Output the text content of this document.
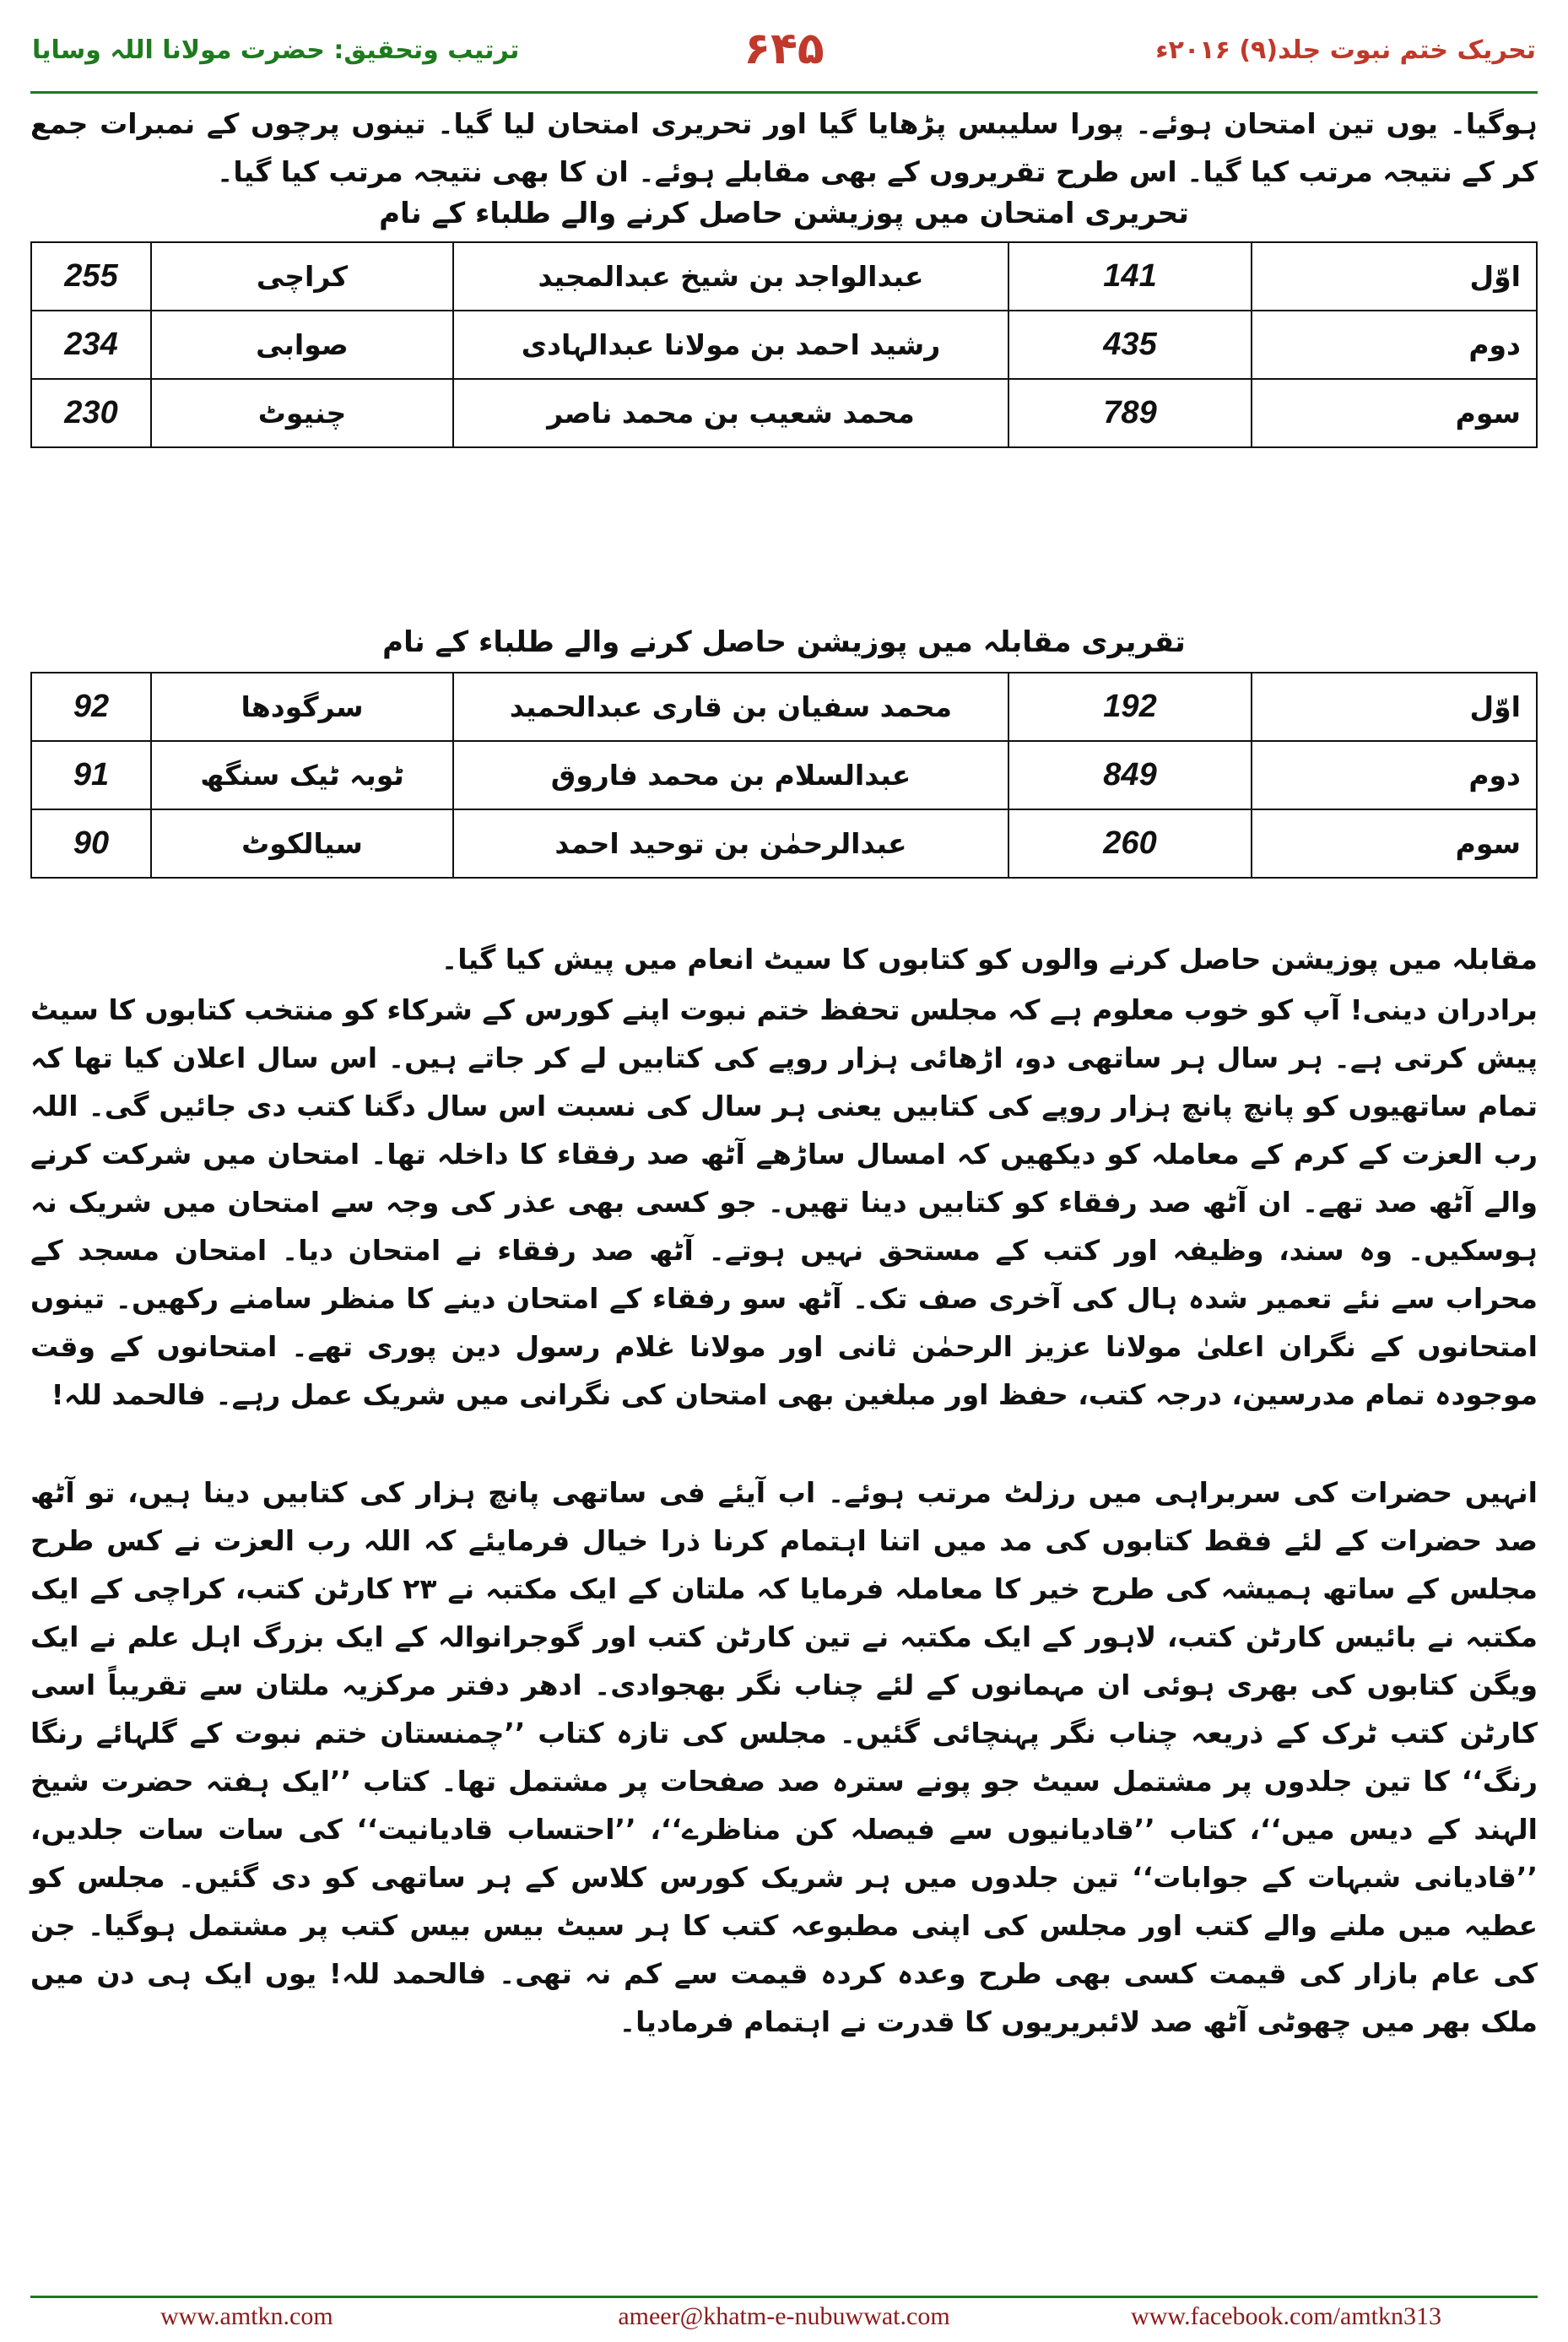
ترتیب وتحقیق: حضرت مولانا اللہ وسایا	۶۴۵	تحریک ختم نبوت جلد(۹) ۲۰۱۶ء
ہوگیا۔ یوں تین امتحان ہوئے۔ پورا سلیبس پڑھایا گیا اور تحریری امتحان لیا گیا۔ تینوں پرچوں کے نمبرات جمع کر کے نتیجہ مرتب کیا گیا۔ اس طرح تقریروں کے بھی مقابلے ہوئے۔ ان کا بھی نتیجہ مرتب کیا گیا۔
تحریری امتحان میں پوزیشن حاصل کرنے والے طلباء کے نام
اوّل	141	عبدالواجد بن شیخ عبدالمجید	کراچی	255
دوم	435	رشید احمد بن مولانا عبدالہادی	صوابی	234
سوم	789	محمد شعیب بن محمد ناصر	چنیوٹ	230
تقریری مقابلہ میں پوزیشن حاصل کرنے والے طلباء کے نام
اوّل	192	محمد سفیان بن قاری عبدالحمید	سرگودھا	92
دوم	849	عبدالسلام بن محمد فاروق	ٹوبہ ٹیک سنگھ	91
سوم	260	عبدالرحمٰن بن توحید احمد	سیالکوٹ	90
مقابلہ میں پوزیشن حاصل کرنے والوں کو کتابوں کا سیٹ انعام میں پیش کیا گیا۔
برادران دینی! آپ کو خوب معلوم ہے کہ مجلس تحفظ ختم نبوت اپنے کورس کے شرکاء کو منتخب کتابوں کا سیٹ پیش کرتی ہے۔ ہر سال ہر ساتھی دو، اڑھائی ہزار روپے کی کتابیں لے کر جاتے ہیں۔ اس سال اعلان کیا تھا کہ تمام ساتھیوں کو پانچ پانچ ہزار روپے کی کتابیں یعنی ہر سال کی نسبت اس سال دگنا کتب دی جائیں گی۔ اللہ رب العزت کے کرم کے معاملہ کو دیکھیں کہ امسال ساڑھے آٹھ صد رفقاء کا داخلہ تھا۔ امتحان میں شرکت کرنے والے آٹھ صد تھے۔ ان آٹھ صد رفقاء کو کتابیں دینا تھیں۔ جو کسی بھی عذر کی وجہ سے امتحان میں شریک نہ ہوسکیں۔ وہ سند، وظیفہ اور کتب کے مستحق نہیں ہوتے۔ آٹھ صد رفقاء نے امتحان دیا۔ امتحان مسجد کے محراب سے نئے تعمیر شدہ ہال کی آخری صف تک۔ آٹھ سو رفقاء کے امتحان دینے کا منظر سامنے رکھیں۔ تینوں امتحانوں کے نگران اعلیٰ مولانا عزیز الرحمٰن ثانی اور مولانا غلام رسول دین پوری تھے۔ امتحانوں کے وقت موجودہ تمام مدرسین، درجہ کتب، حفظ اور مبلغین بھی امتحان کی نگرانی میں شریک عمل رہے۔ فالحمد للہ!
انہیں حضرات کی سربراہی میں رزلٹ مرتب ہوئے۔ اب آیئے فی ساتھی پانچ ہزار کی کتابیں دینا ہیں، تو آٹھ صد حضرات کے لئے فقط کتابوں کی مد میں اتنا اہتمام کرنا ذرا خیال فرمایئے کہ اللہ رب العزت نے کس طرح مجلس کے ساتھ ہمیشہ کی طرح خیر کا معاملہ فرمایا کہ ملتان کے ایک مکتبہ نے ۲۳ کارٹن کتب، کراچی کے ایک مکتبہ نے بائیس کارٹن کتب، لاہور کے ایک مکتبہ نے تین کارٹن کتب اور گوجرانوالہ کے ایک بزرگ اہل علم نے ایک ویگن کتابوں کی بھری ہوئی ان مہمانوں کے لئے چناب نگر بھجوادی۔ ادھر دفتر مرکزیہ ملتان سے تقریباً اسی کارٹن کتب ٹرک کے ذریعہ چناب نگر پہنچائی گئیں۔ مجلس کی تازہ کتاب ’’چمنستان ختم نبوت کے گلہائے رنگا رنگ‘‘ کا تین جلدوں پر مشتمل سیٹ جو پونے سترہ صد صفحات پر مشتمل تھا۔ کتاب ’’ایک ہفتہ حضرت شیخ الہند کے دیس میں‘‘، کتاب ’’قادیانیوں سے فیصلہ کن مناظرے‘‘، ’’احتساب قادیانیت‘‘ کی سات سات جلدیں، ’’قادیانی شبہات کے جوابات‘‘ تین جلدوں میں ہر شریک کورس کلاس کے ہر ساتھی کو دی گئیں۔ مجلس کو عطیہ میں ملنے والے کتب اور مجلس کی اپنی مطبوعہ کتب کا ہر سیٹ بیس بیس کتب پر مشتمل ہوگیا۔ جن کی عام بازار کی قیمت کسی بھی طرح وعدہ کردہ قیمت سے کم نہ تھی۔ فالحمد للہ! یوں ایک ہی دن میں ملک بھر میں چھوٹی آٹھ صد لائبریریوں کا قدرت نے اہتمام فرمادیا۔
www.amtkn.com	ameer@khatm-e-nubuwwat.com	www.facebook.com/amtkn313
